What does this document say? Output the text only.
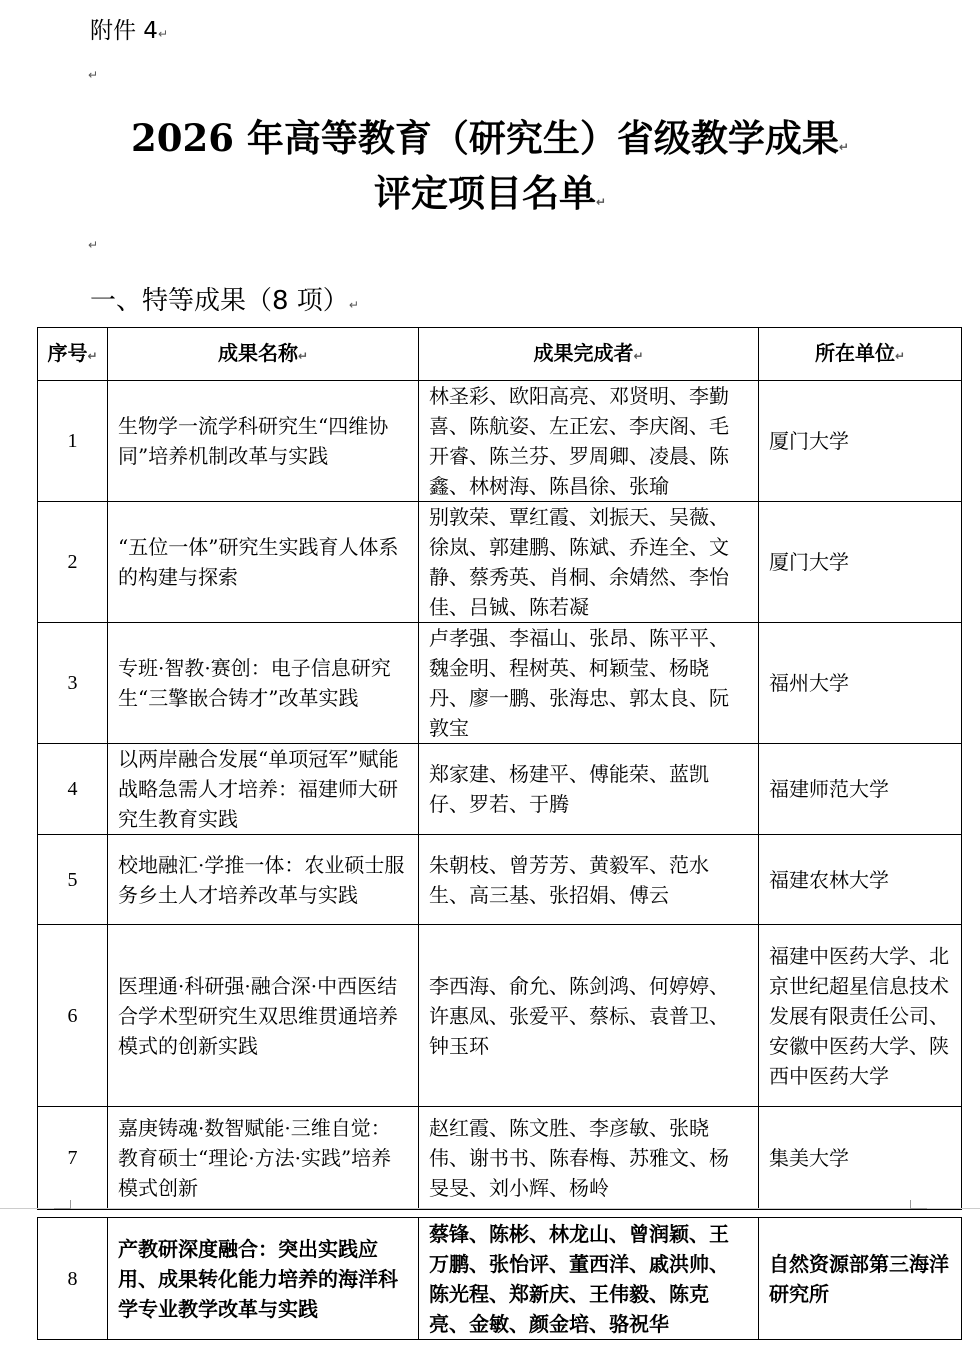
附件 4↵
↵
2026 年高等教育（研究生）省级教学成果↵
评定项目名单↵
↵
一、特等成果（8 项）↵
序号↵	成果名称↵	成果完成者↵	所在单位↵
1	生物学一流学科研究生“四维协同”培养机制改革与实践	林圣彩、欧阳高亮、邓贤明、李勤喜、陈航姿、左正宏、李庆阁、毛开睿、陈兰芬、罗周卿、凌晨、陈鑫、林树海、陈昌徐、张瑜	厦门大学
2	“五位一体”研究生实践育人体系的构建与探索	别敦荣、覃红霞、刘振天、吴薇、徐岚、郭建鹏、陈斌、乔连全、文静、蔡秀英、肖桐、余婧然、李怡佳、吕铖、陈若凝	厦门大学
3	专班·智教·赛创：电子信息研究生“三擎嵌合铸才”改革实践	卢孝强、李福山、张昂、陈平平、魏金明、程树英、柯颖莹、杨晓丹、廖一鹏、张海忠、郭太良、阮敦宝	福州大学
4	以两岸融合发展“单项冠军”赋能战略急需人才培养：福建师大研究生教育实践	郑家建、杨建平、傅能荣、蓝凯仔、罗若、于腾	福建师范大学
5	校地融汇·学推一体：农业硕士服务乡土人才培养改革与实践	朱朝枝、曾芳芳、黄毅军、范水生、高三基、张招娟、傅云	福建农林大学
6	医理通·科研强·融合深·中西医结合学术型研究生双思维贯通培养模式的创新实践	李西海、俞允、陈剑鸿、何婷婷、许惠凤、张爱平、蔡标、袁普卫、钟玉环	福建中医药大学、北京世纪超星信息技术发展有限责任公司、安徽中医药大学、陕西中医药大学
7	嘉庚铸魂·数智赋能·三维自觉：教育硕士“理论·方法·实践”培养模式创新	赵红霞、陈文胜、李彦敏、张晓伟、谢书书、陈春梅、苏雅文、杨旻旻、刘小辉、杨岭	集美大学
8	产教研深度融合：突出实践应用、成果转化能力培养的海洋科学专业教学改革与实践	蔡锋、陈彬、林龙山、曾润颖、王万鹏、张怡评、董西洋、戚洪帅、陈光程、郑新庆、王伟毅、陈克亮、金敏、颜金培、骆祝华	自然资源部第三海洋研究所
